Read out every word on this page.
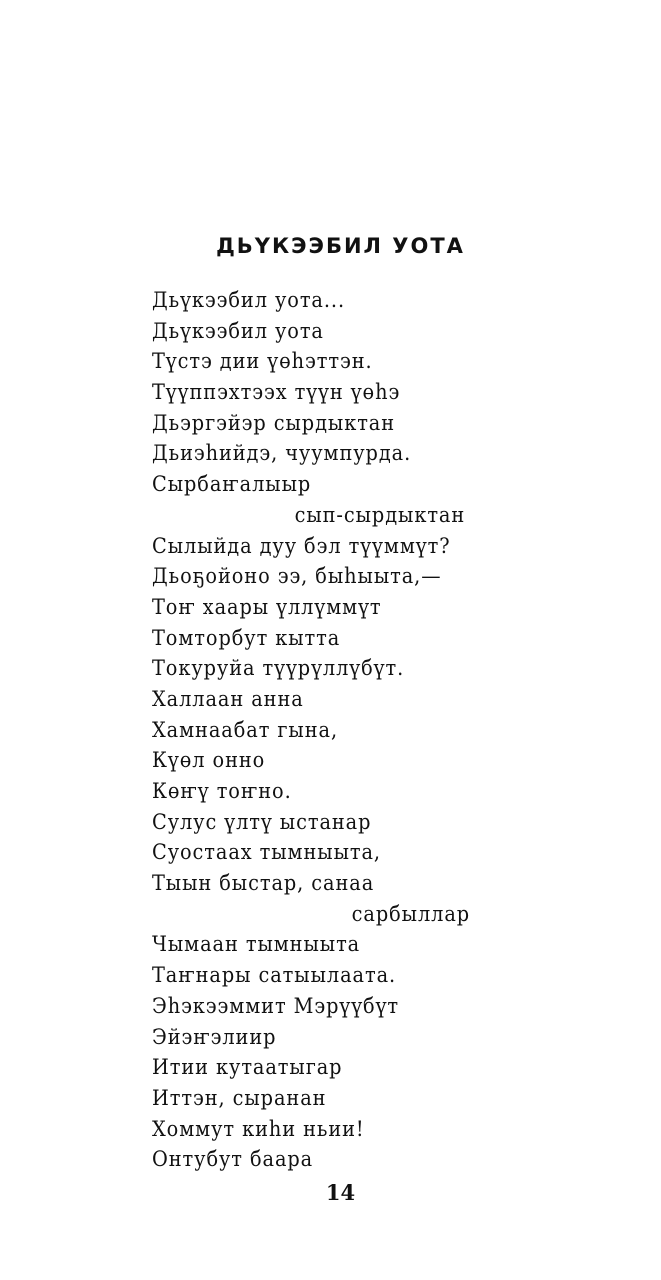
ДЬҮКЭЭБИЛ УОТА
Дьүкээбил уота...
Дьүкээбил уота
Түстэ дии үөһэттэн.
Түүппэхтээх түүн үөһэ
Дьэргэйэр сырдыктан
Дьиэһийдэ, чуумпурда.
Сырбаҥалыыр
сып-сырдыктан
Сылыйда дуу бэл түүммүт?
Дьоҕойоно ээ, быһыыта,—
Тоҥ хаары үллүммүт
Томторбут кытта
Токуруйа түүрүллүбүт.
Халлаан анна
Хамнаабат гына,
Күөл онно
Көҥү тоҥно.
Сулус үлтү ыстанар
Суостаах тымныыта,
Тыын быстар, санаа
сарбыллар
Чымаан тымныыта
Таҥнары сатыылаата.
Эһэкээммит Мэрүүбүт
Эйэҥэлиир
Итии кутаатыгар
Иттэн, сыранан
Хоммут киһи ньии!
Онтубут баара
14
